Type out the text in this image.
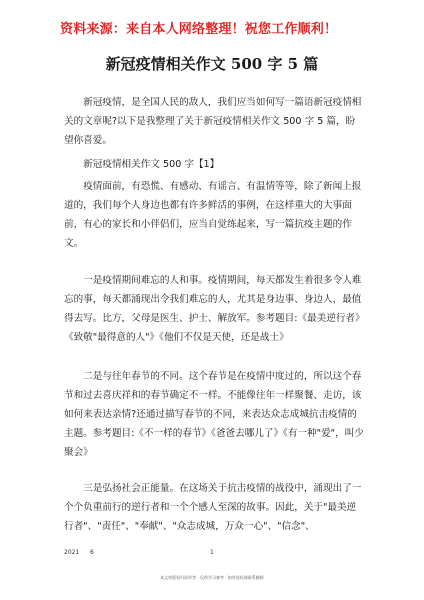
资料来源：来自本人网络整理！祝您工作顺利！
新冠疫情相关作文 500 字 5 篇

新冠疫情，是全国人民的敌人，我们应当如何写一篇语新冠疫情相关的文章呢?以下是我整理了关于新冠疫情相关作文 500 字 5 篇，盼望你喜爱。

新冠疫情相关作文 500 字【1】

疫情面前，有恐慌、有感动、有谣言、有温情等等，除了新闻上报道的，我们每个人身边也都有许多鲜活的事例，在这样重大的大事面前，有心的家长和小伴侣们，应当自觉练起来，写一篇抗疫主题的作文。

一是疫情期间难忘的人和事。疫情期间，每天都发生着很多令人难忘的事，每天都涌现出令我们难忘的人，尤其是身边事、身边人，最值得去写。比方，父母是医生、护士、解放军。参考题目:《最美逆行者》《致敬"最得意的人"》《他们不仅是天使，还是战士》

二是与往年春节的不同。这个春节是在疫情中度过的，所以这个春节和过去喜庆祥和的春节确定不一样。不能像往年一样聚餐、走访，该如何来表达亲情?还通过描写春节的不同，来表达众志成城抗击疫情的主题。参考题目:《不一样的春节》《爸爸去哪儿了》《有一种"爱"，叫少聚会》

三是弘扬社会正能量。在这场关于抗击疫情的战役中，涌现出了一个个负重前行的逆行者和一个个感人至深的故事。因此，关于"最美逆行者"、"责任"、"奉献"、"众志成城，万众一心"、"信念"、

2021 6	1
本文档版权归原作者 · 仅供学习参考 · 如有侵权请联系删除
